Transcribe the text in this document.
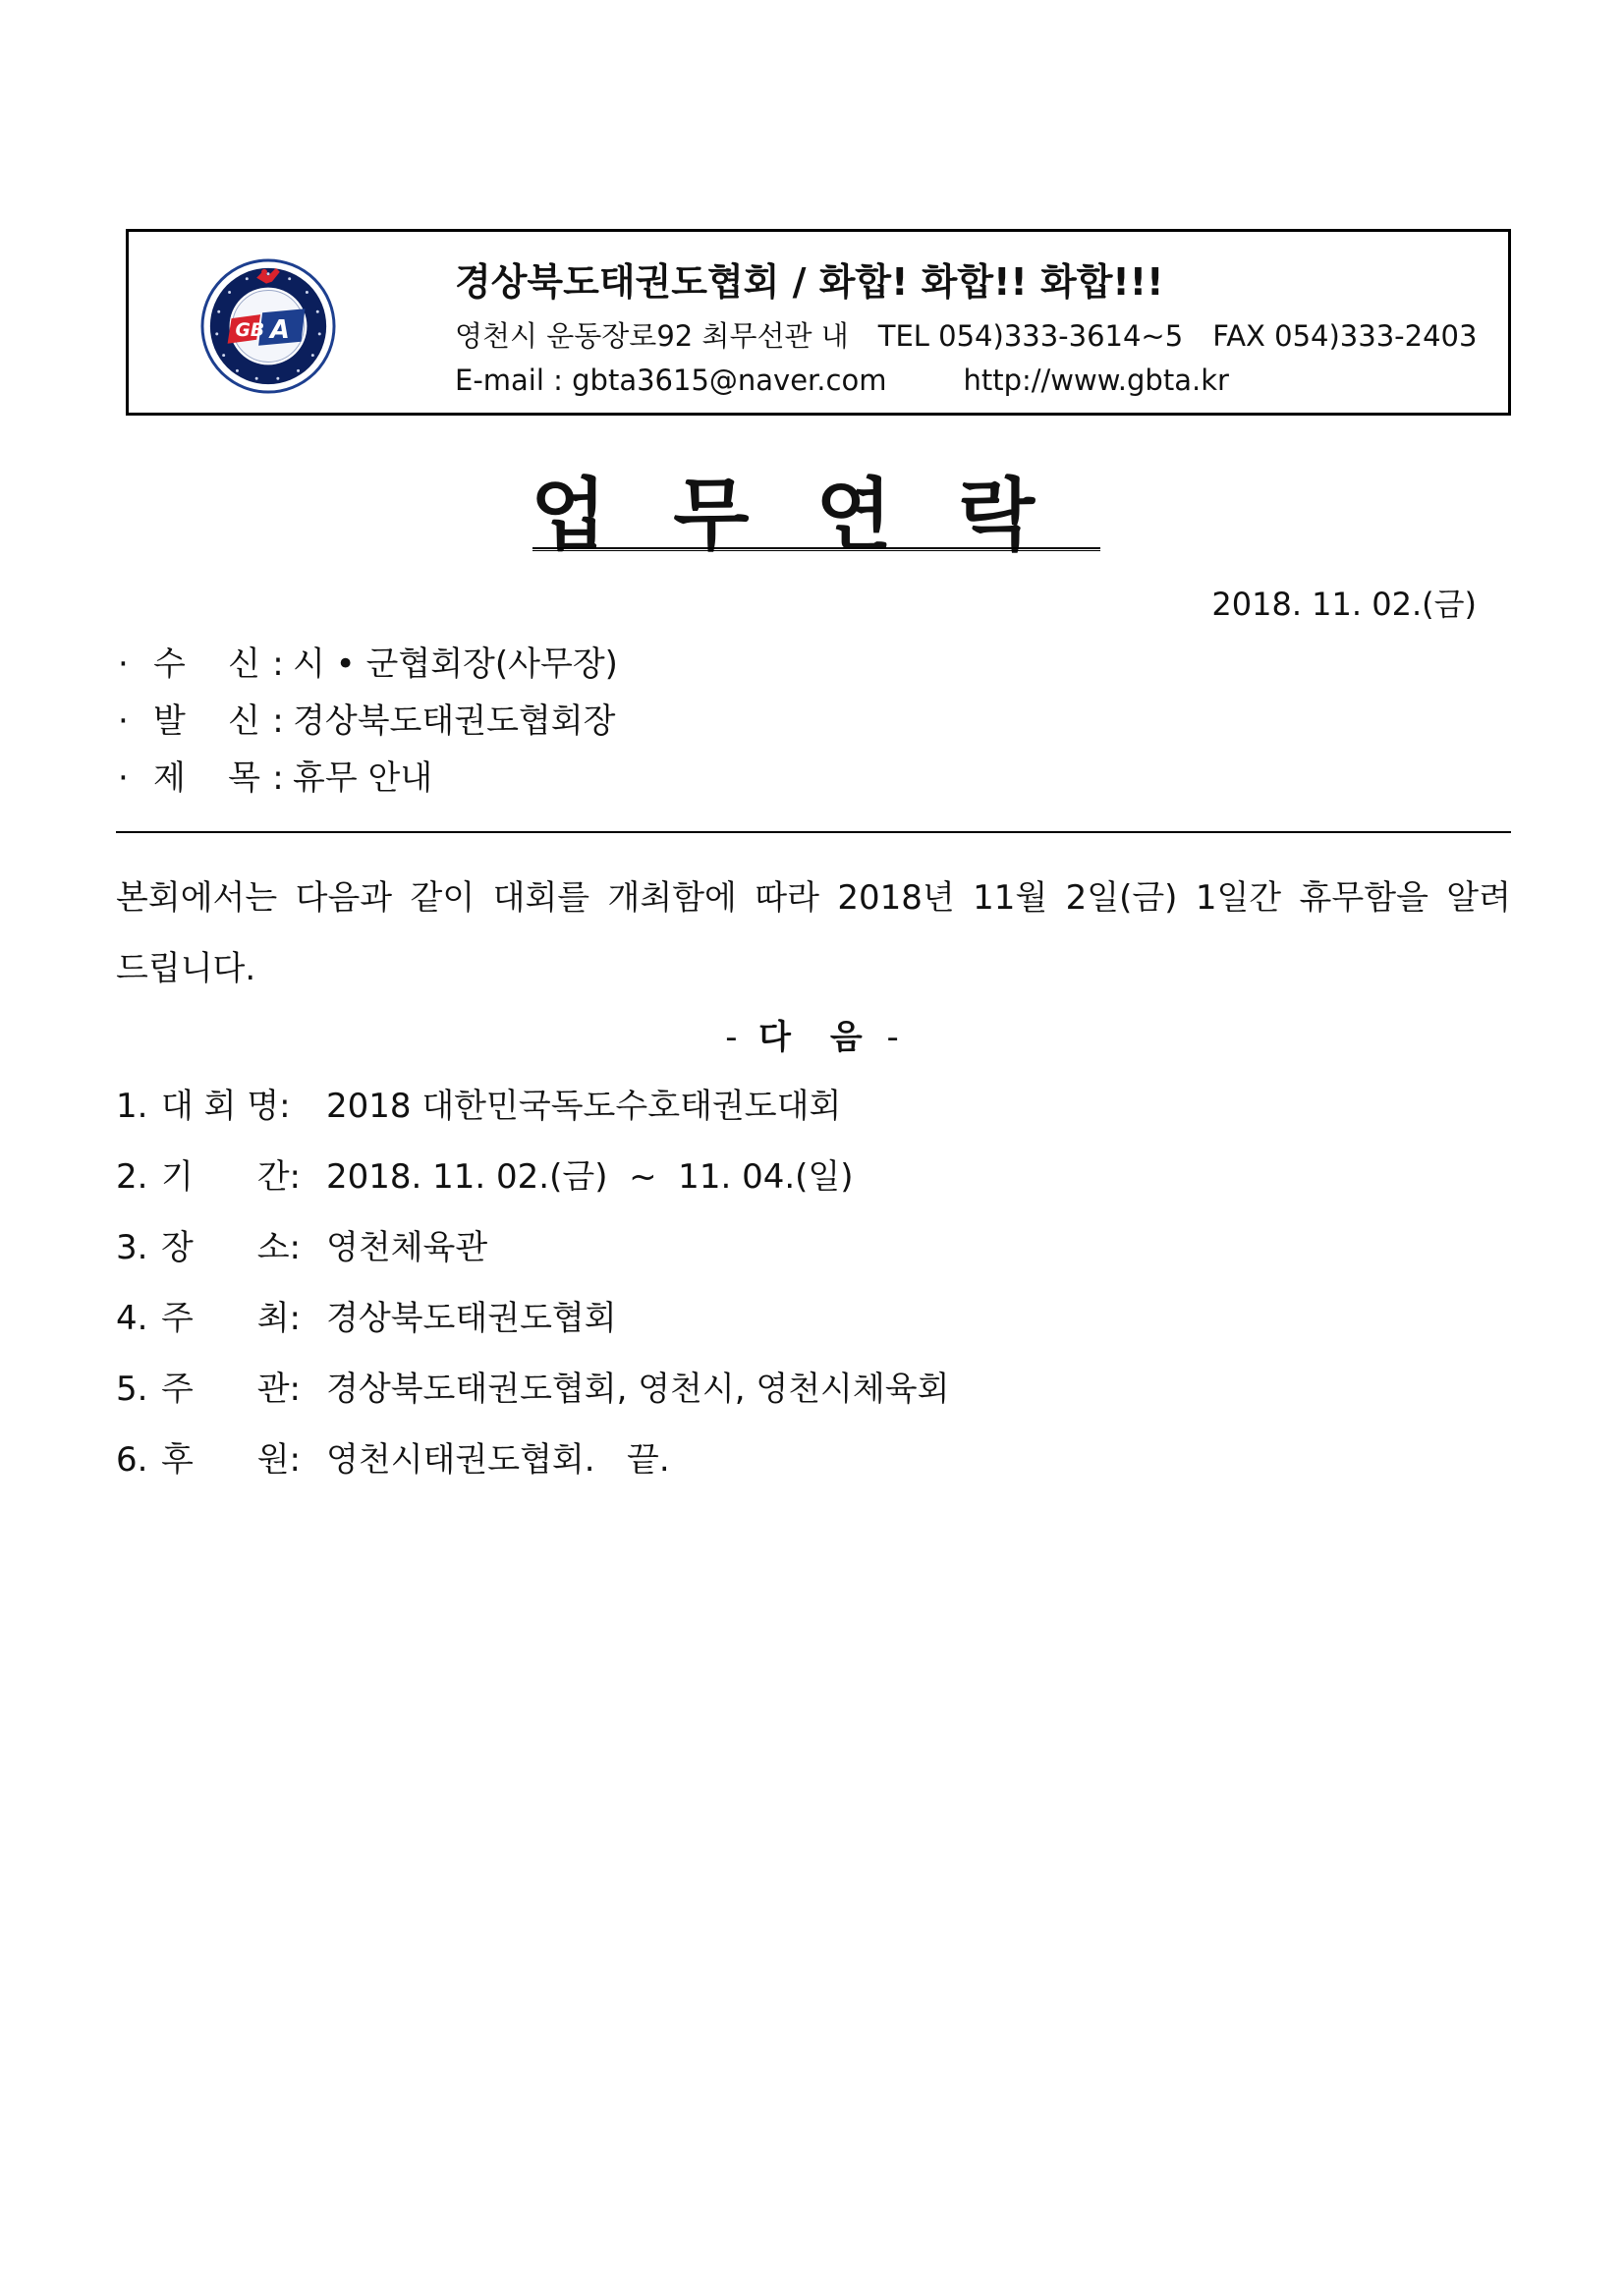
GB A
경상북도태권도협회 / 화합! 화합!! 화합!!!
영천시 운동장로92 최무선관 내 TEL 054)333-3614~5 FAX 054)333-2403
E-mail : gbta3615@naver.com	http://www.gbta.kr
업무연락
2018. 11. 02.(금)
· 수    신 : 시 • 군협회장(사무장)
· 발    신 : 경상북도태권도협회장
· 제    목 : 휴무 안내
본회에서는 다음과 같이 대회를 개최함에 따라 2018년 11월 2일(금) 1일간 휴무함을 알려드립니다.
- 다 음 -
1. 대 회 명: 2018 대한민국독도수호태권도대회
2. 기      간: 2018. 11. 02.(금)  ~  11. 04.(일)
3. 장      소: 영천체육관
4. 주      최: 경상북도태권도협회
5. 주      관: 경상북도태권도협회, 영천시, 영천시체육회
6. 후      원: 영천시태권도협회.   끝.
